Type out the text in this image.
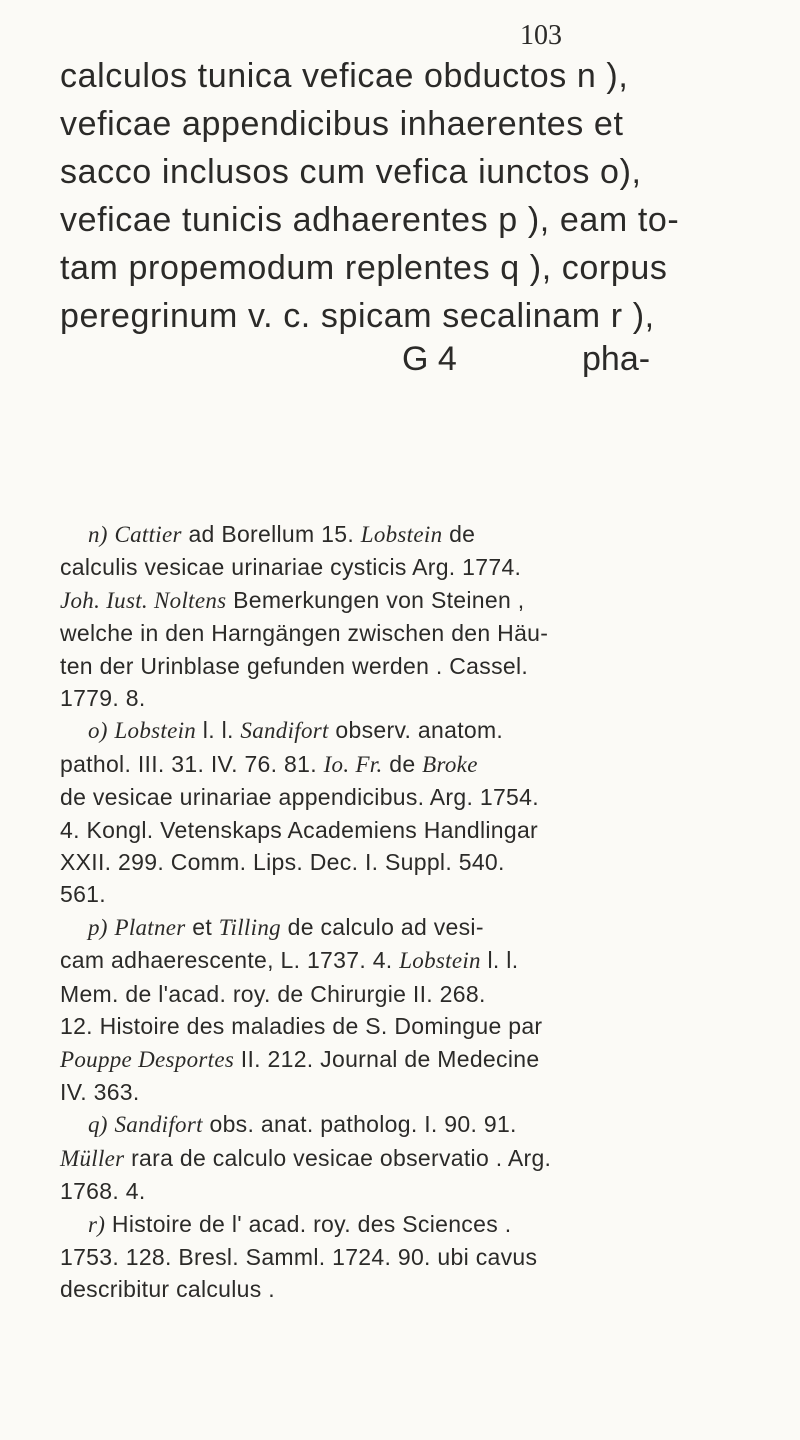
103
calculos tunica veficae obductos n ),
veficae appendicibus inhaerentes et
sacco inclusos cum vefica iunctos o),
veficae tunicis adhaerentes p ), eam to-
tam propemodum replentes q ), corpus
peregrinum v. c. spicam secalinam r ),
G 4	pha-
n) Cattier ad Borellum 15. Lobstein de
calculis vesicae urinariae cysticis Arg. 1774.
Joh. Iust. Noltens Bemerkungen von Steinen ,
welche in den Harngängen zwischen den Häu-
ten der Urinblase gefunden werden . Cassel.
1779. 8.
o) Lobstein l. l. Sandifort observ. anatom.
pathol. III. 31. IV. 76. 81. Io. Fr. de Broke
de vesicae urinariae appendicibus. Arg. 1754.
4. Kongl. Vetenskaps Academiens Handlingar
XXII. 299. Comm. Lips. Dec. I. Suppl. 540.
561.
p) Platner et Tilling de calculo ad vesi-
cam adhaerescente, L. 1737. 4. Lobstein l. l.
Mem. de l'acad. roy. de Chirurgie II. 268.
12. Histoire des maladies de S. Domingue par
Pouppe Desportes II. 212. Journal de Medecine
IV. 363.
q) Sandifort obs. anat. patholog. I. 90. 91.
Müller rara de calculo vesicae observatio . Arg.
1768. 4.
r) Histoire de l' acad. roy. des Sciences .
1753. 128. Bresl. Samml. 1724. 90. ubi cavus
describitur calculus .
